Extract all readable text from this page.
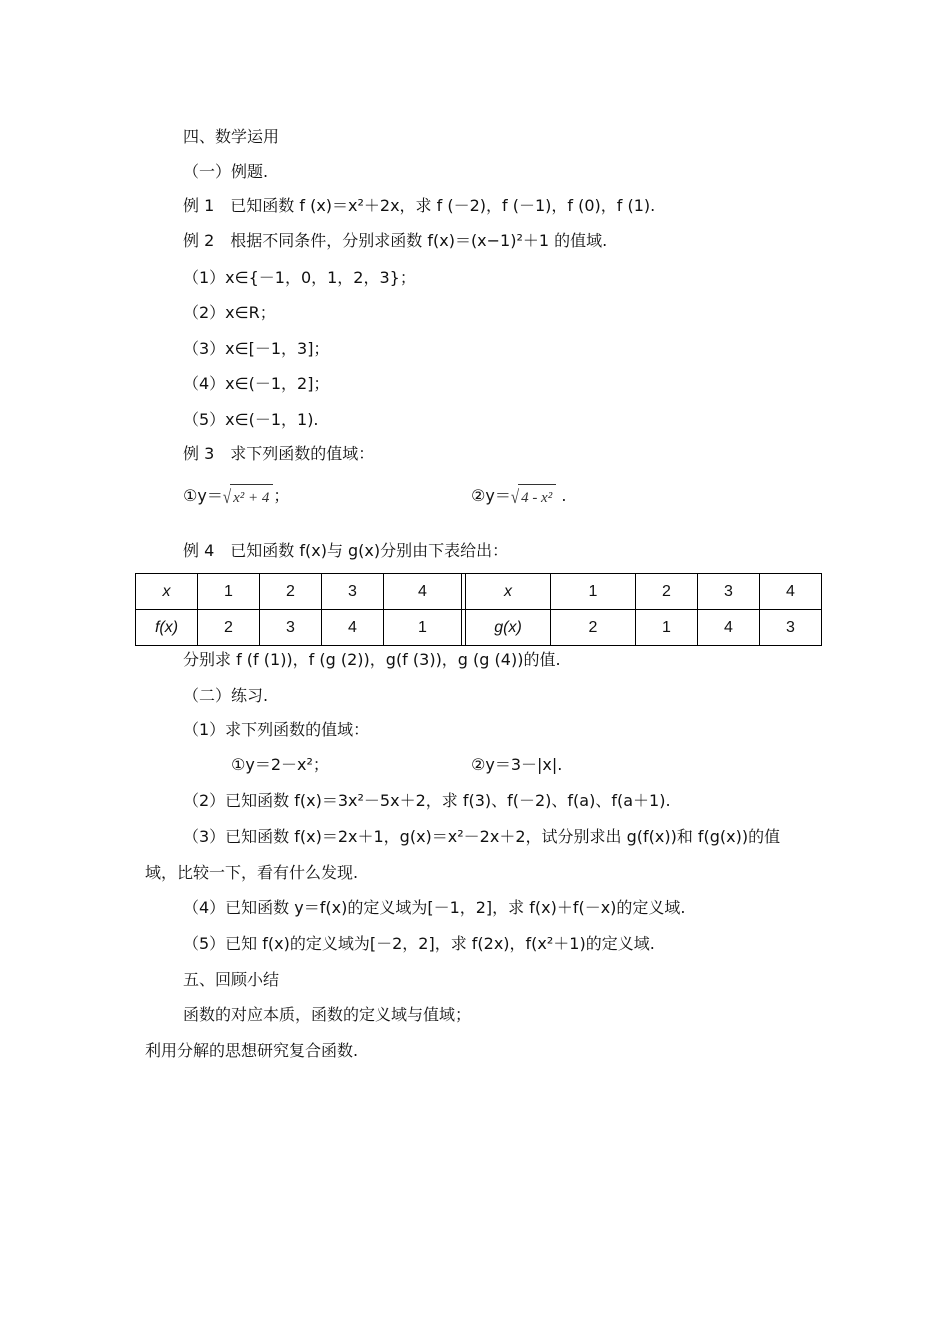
四、数学运用
（一）例题.
例 1　已知函数 f (x)＝x²＋2x，求 f (－2)，f (－1)，f (0)，f (1).
例 2　根据不同条件，分别求函数 f(x)＝(x−1)²＋1 的值域.
（1）x∈{－1，0，1，2，3}；
（2）x∈R；
（3）x∈[－1，3]；
（4）x∈(－1，2]；
（5）x∈(－1，1).
例 3　求下列函数的值域：
①y＝√ x² + 4 ；	②y＝√ 4 - x² .
例 4　已知函数 f(x)与 g(x)分别由下表给出：
x	1	2	3	4		x	1	2	3	4
f(x)	2	3	4	1		g(x)	2	1	4	3
分别求 f (f (1))，f (g (2))，g(f (3))，g (g (4))的值.
（二）练习.
（1）求下列函数的值域：
①y＝2－x²；	②y＝3－|x|.
（2）已知函数 f(x)＝3x²－5x＋2，求 f(3)、f(－2)、f(a)、f(a＋1).
（3）已知函数 f(x)＝2x＋1，g(x)＝x²－2x＋2，试分别求出 g(f(x))和 f(g(x))的值
域，比较一下，看有什么发现.
（4）已知函数 y＝f(x)的定义域为[－1，2]，求 f(x)＋f(－x)的定义域.
（5）已知 f(x)的定义域为[－2，2]，求 f(2x)，f(x²＋1)的定义域.
五、回顾小结
函数的对应本质，函数的定义域与值域；
利用分解的思想研究复合函数.
